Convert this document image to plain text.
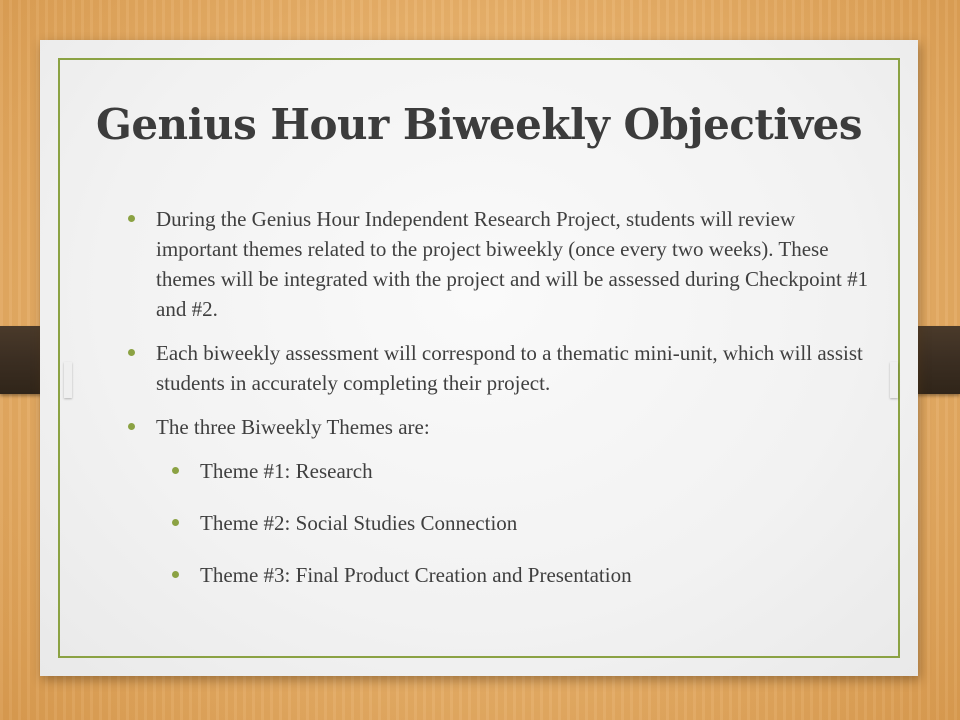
Genius Hour Biweekly Objectives
During the Genius Hour Independent Research Project, students will review important themes related to the project biweekly (once every two weeks). These themes will be integrated with the project and will be assessed during Checkpoint #1 and #2.
Each biweekly assessment will correspond to a thematic mini-unit, which will assist students in accurately completing their project.
The three Biweekly Themes are:
Theme #1: Research
Theme #2: Social Studies Connection
Theme #3: Final Product Creation and Presentation
